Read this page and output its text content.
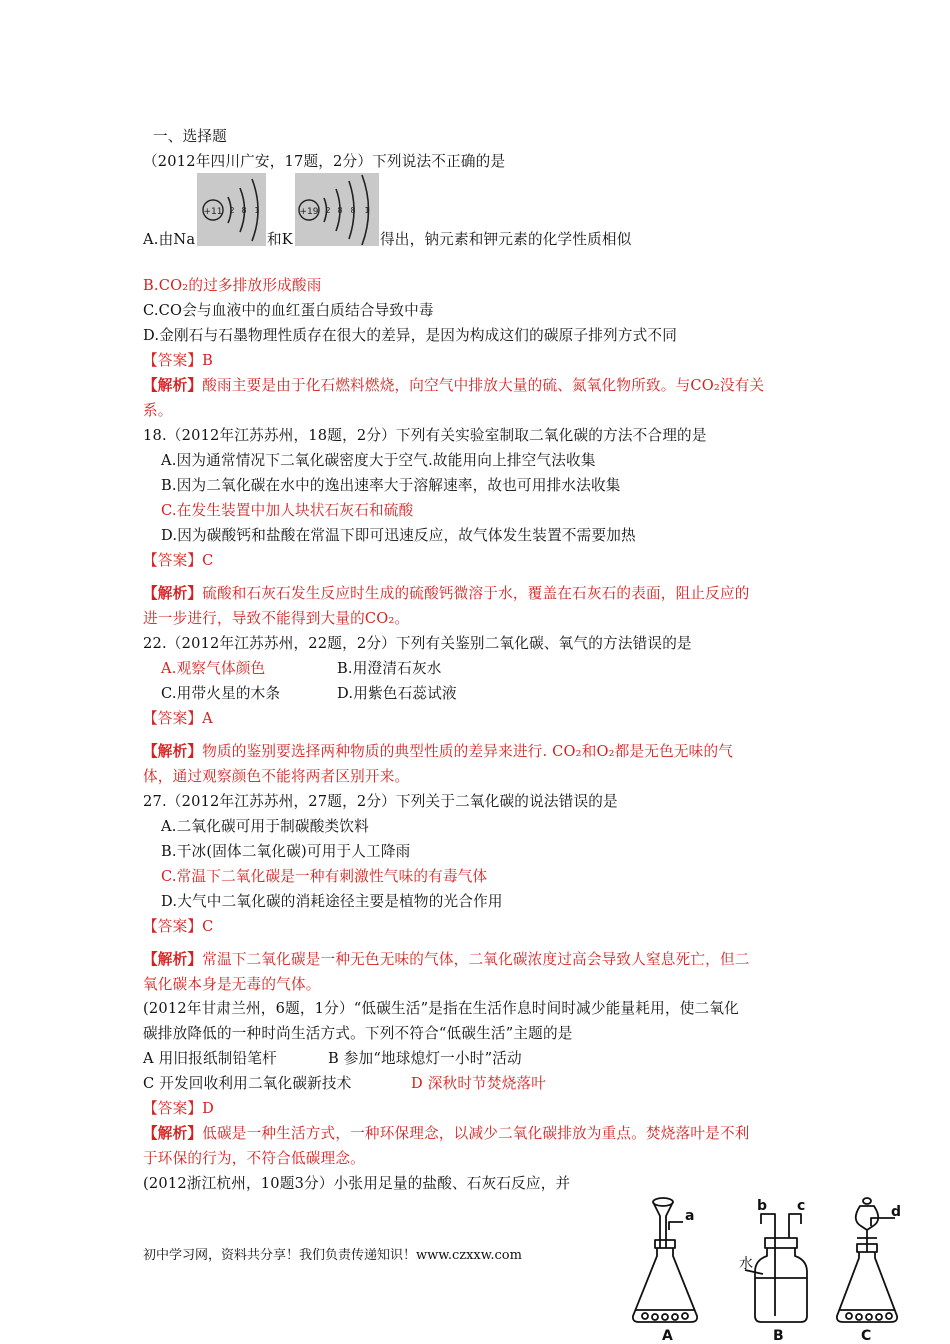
一、选择题
（2012年四川广安，17题，2分）下列说法不正确的是
A.由Na
+11 2 8 1
和K
+19 2 8 8 1
得出，钠元素和钾元素的化学性质相似
B.CO₂的过多排放形成酸雨
C.CO会与血液中的血红蛋白质结合导致中毒
D.金刚石与石墨物理性质存在很大的差异，是因为构成这们的碳原子排列方式不同
【答案】B
【解析】酸雨主要是由于化石燃料燃烧，向空气中排放大量的硫、氮氧化物所致。与CO₂没有关
系。
18.（2012年江苏苏州，18题，2分）下列有关实验室制取二氧化碳的方法不合理的是
A.因为通常情况下二氧化碳密度大于空气.故能用向上排空气法收集
B.因为二氧化碳在水中的逸出速率大于溶解速率，故也可用排水法收集
C.在发生装置中加人块状石灰石和硫酸
D.因为碳酸钙和盐酸在常温下即可迅速反应，故气体发生装置不需要加热
【答案】C
【解析】硫酸和石灰石发生反应时生成的硫酸钙微溶于水，覆盖在石灰石的表面，阻止反应的
进一步进行，导致不能得到大量的CO₂。
22.（2012年江苏苏州，22题，2分）下列有关鉴别二氧化碳、氧气的方法错误的是
A.观察气体颜色	B.用澄清石灰水
C.用带火星的木条	D.用紫色石蕊试液
【答案】A
【解析】物质的鉴别要选择两种物质的典型性质的差异来进行. CO₂和O₂都是无色无味的气
体，通过观察颜色不能将两者区别开来。
27.（2012年江苏苏州，27题，2分）下列关于二氧化碳的说法错误的是
A.二氧化碳可用于制碳酸类饮料
B.干冰(固体二氧化碳)可用于人工降雨
C.常温下二氧化碳是一种有刺激性气味的有毒气体
D.大气中二氧化碳的消耗途径主要是植物的光合作用
【答案】C
【解析】常温下二氧化碳是一种无色无味的气体，二氧化碳浓度过高会导致人窒息死亡，但二
氧化碳本身是无毒的气体。
(2012年甘肃兰州，6题，1分）“低碳生活”是指在生活作息时间时减少能量耗用，使二氧化
碳排放降低的一种时尚生活方式。下列不符合“低碳生活”主题的是
A 用旧报纸制铅笔杆	B 参加“地球熄灯一小时”活动
C 开发回收利用二氧化碳新技术	D 深秋时节焚烧落叶
【答案】D
【解析】低碳是一种生活方式，一种环保理念，以减少二氧化碳排放为重点。焚烧落叶是不利
于环保的行为，不符合低碳理念。
(2012浙江杭州，10题3分）小张用足量的盐酸、石灰石反应，并
初中学习网，资料共分享！我们负责传递知识！www.czxxw.com
a
b c	d
水
A	B	C
